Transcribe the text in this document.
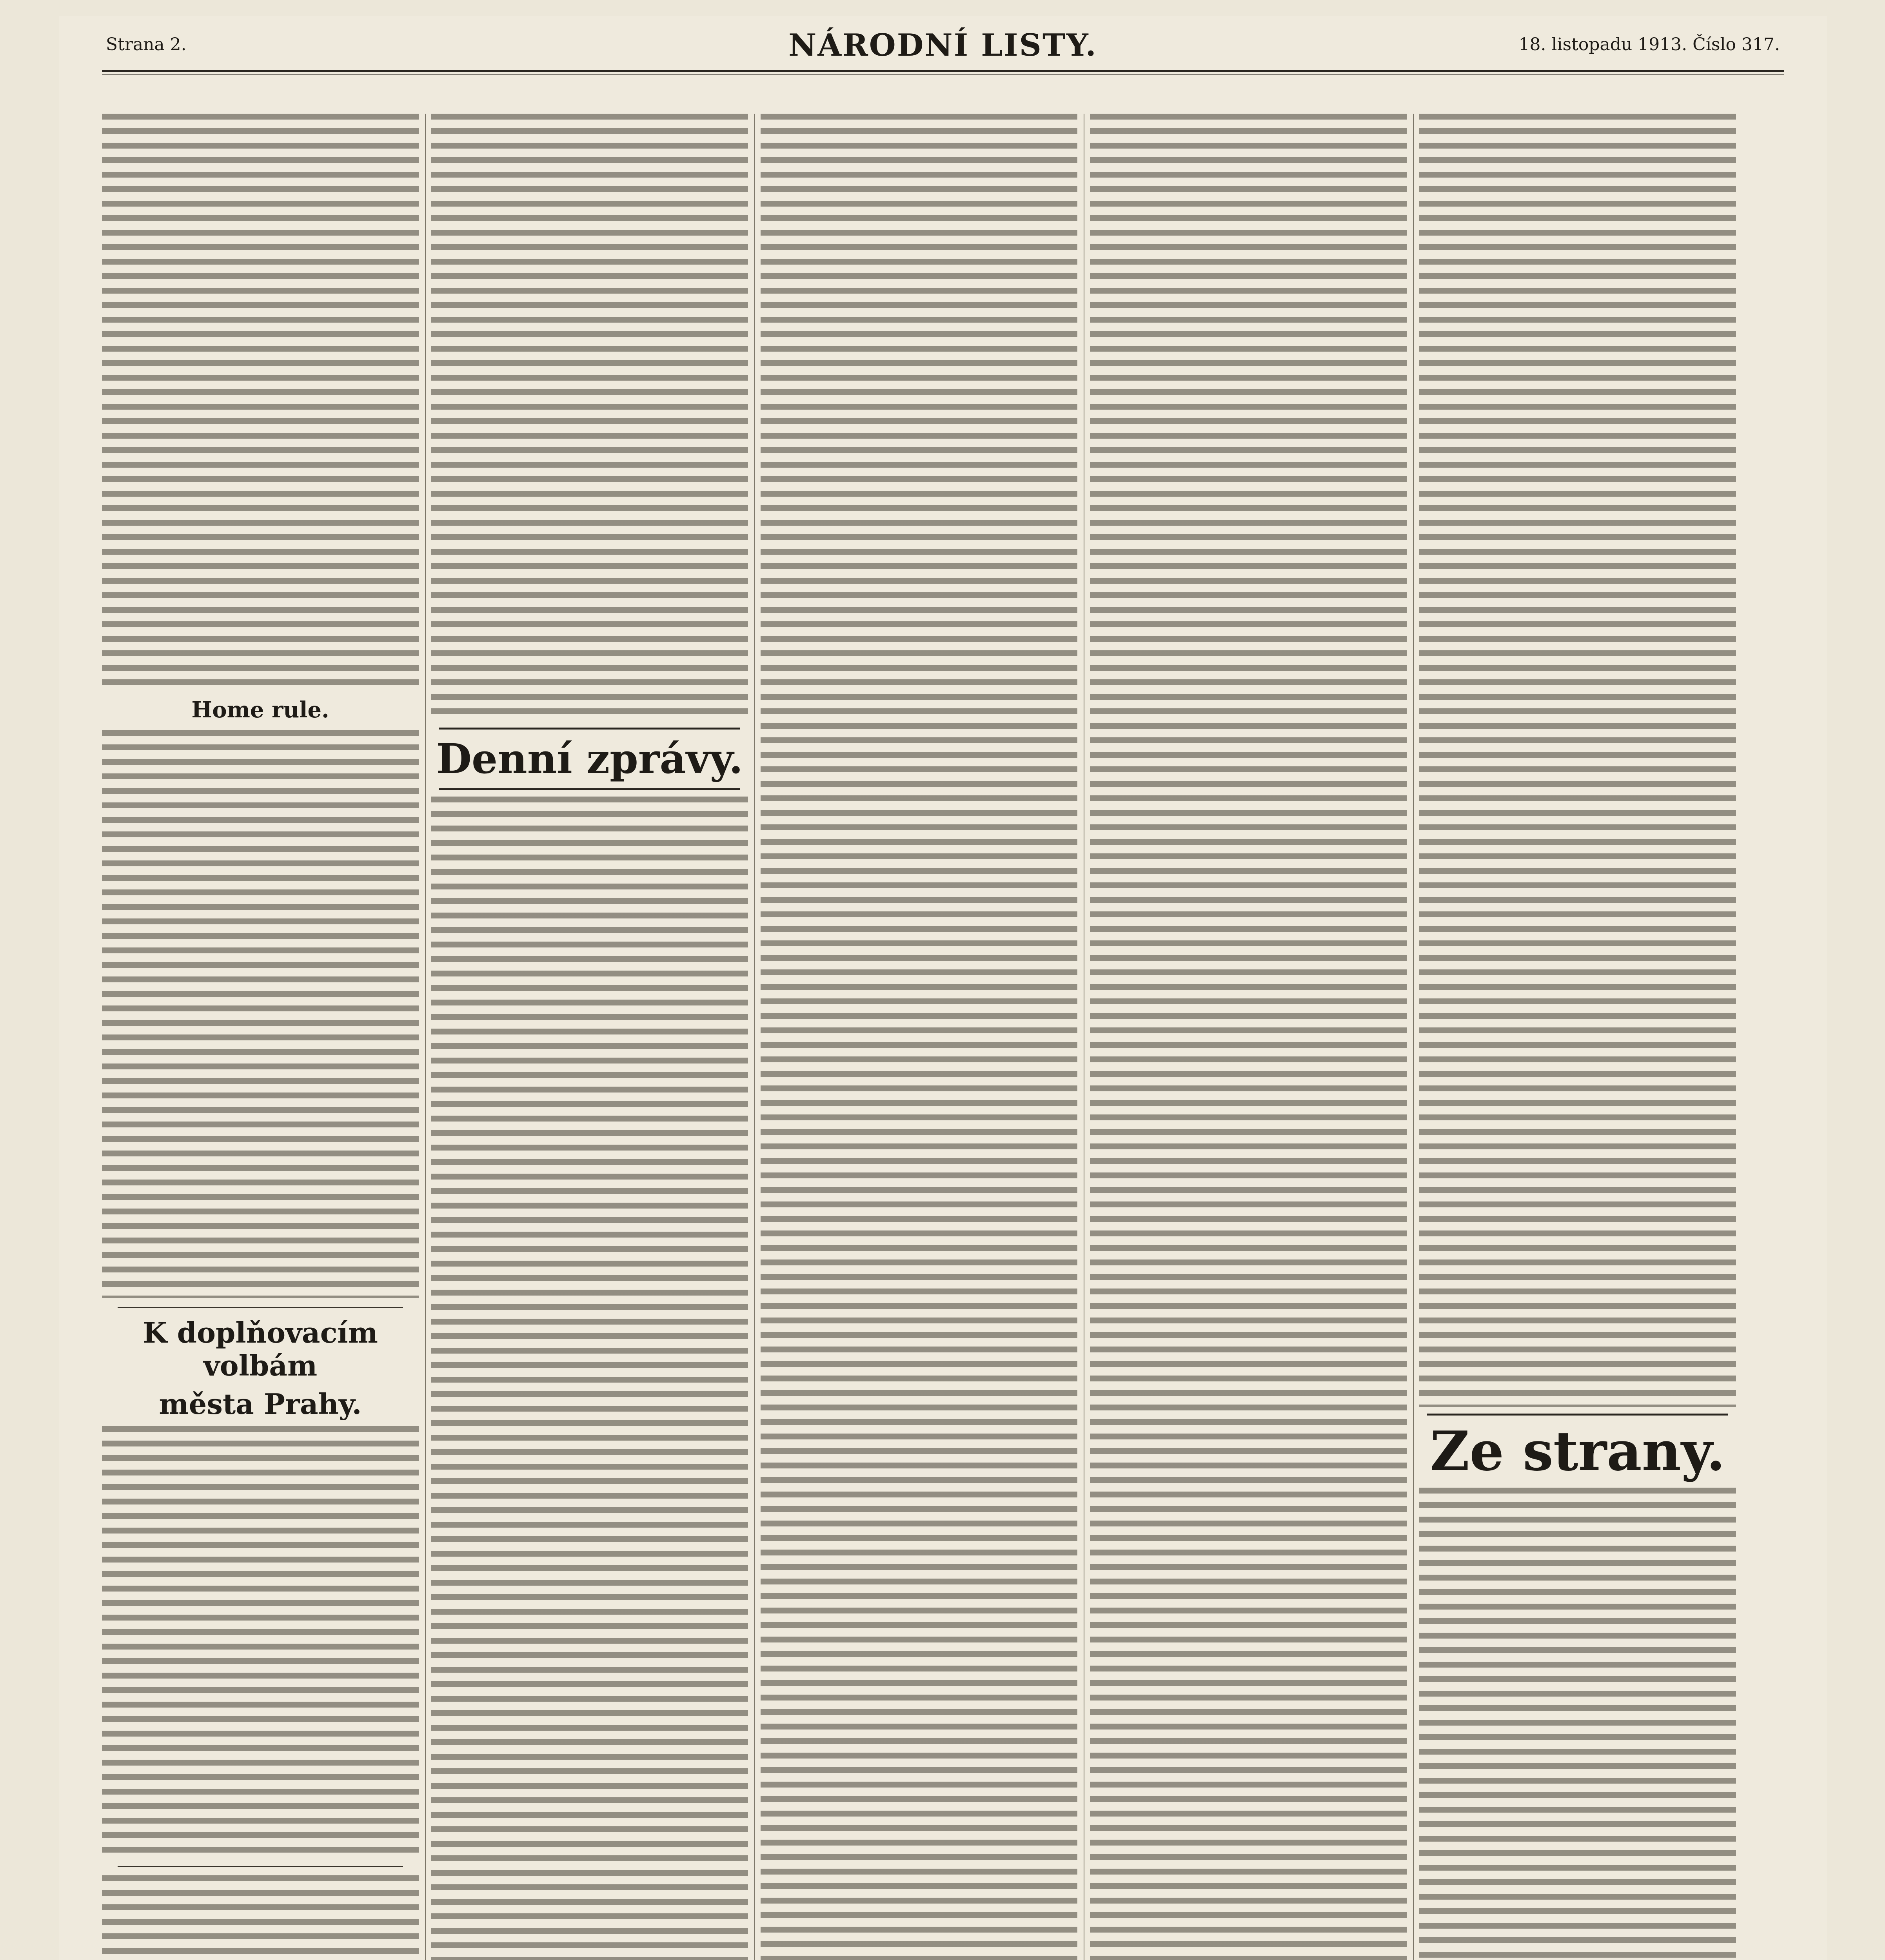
Strana 2.	NÁRODNÍ LISTY.	18. listopadu 1913. Číslo 317.
Home rule.
K doplňovacím volbám
města Prahy.
Denní zprávy.
Ze strany.
